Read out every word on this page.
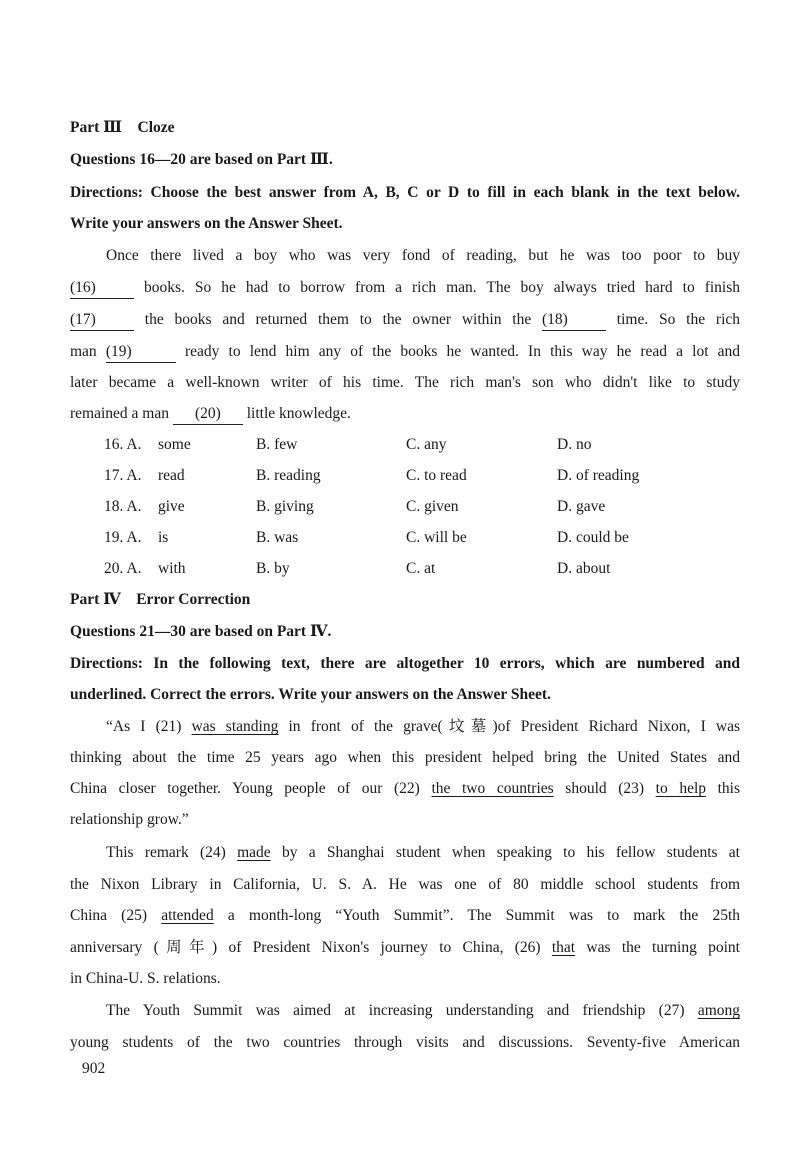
Part Ⅲ　Cloze
Questions 16—20 are based on Part Ⅲ.
Directions: Choose the best answer from A, B, C or D to fill in each blank in the text below.
Write your answers on the Answer Sheet.
Once there lived a boy who was very fond of reading, but he was too poor to buy
(16)	books. So he had to borrow from a rich man. The boy always tried hard to finish
(17)	the books and returned them to the owner within the (18)	time. So the rich
man (19)	ready to lend him any of the books he wanted. In this way he read a lot and
later became a well-known writer of his time. The rich man's son who didn't like to study
remained a man (20) little knowledge.
16. A. some	B. few	C. any	D. no
17. A. read	B. reading	C. to read	D. of reading
18. A. give	B. giving	C. given	D. gave
19. A. is	B. was	C. will be	D. could be
20. A. with	B. by	C. at	D. about
Part Ⅳ　Error Correction
Questions 21—30 are based on Part Ⅳ.
Directions: In the following text, there are altogether 10 errors, which are numbered and
underlined. Correct the errors. Write your answers on the Answer Sheet.
“As I (21) was standing in front of the grave(坟墓)of President Richard Nixon, I was
thinking about the time 25 years ago when this president helped bring the United States and
China closer together. Young people of our (22) the two countries should (23) to help this
relationship grow.”
This remark (24) made by a Shanghai student when speaking to his fellow students at
the Nixon Library in California, U. S. A. He was one of 80 middle school students from
China (25) attended a month-long “Youth Summit”. The Summit was to mark the 25th
anniversary (周年) of President Nixon's journey to China, (26) that was the turning point
in China-U. S. relations.
The Youth Summit was aimed at increasing understanding and friendship (27) among
young students of the two countries through visits and discussions. Seventy-five American
902
